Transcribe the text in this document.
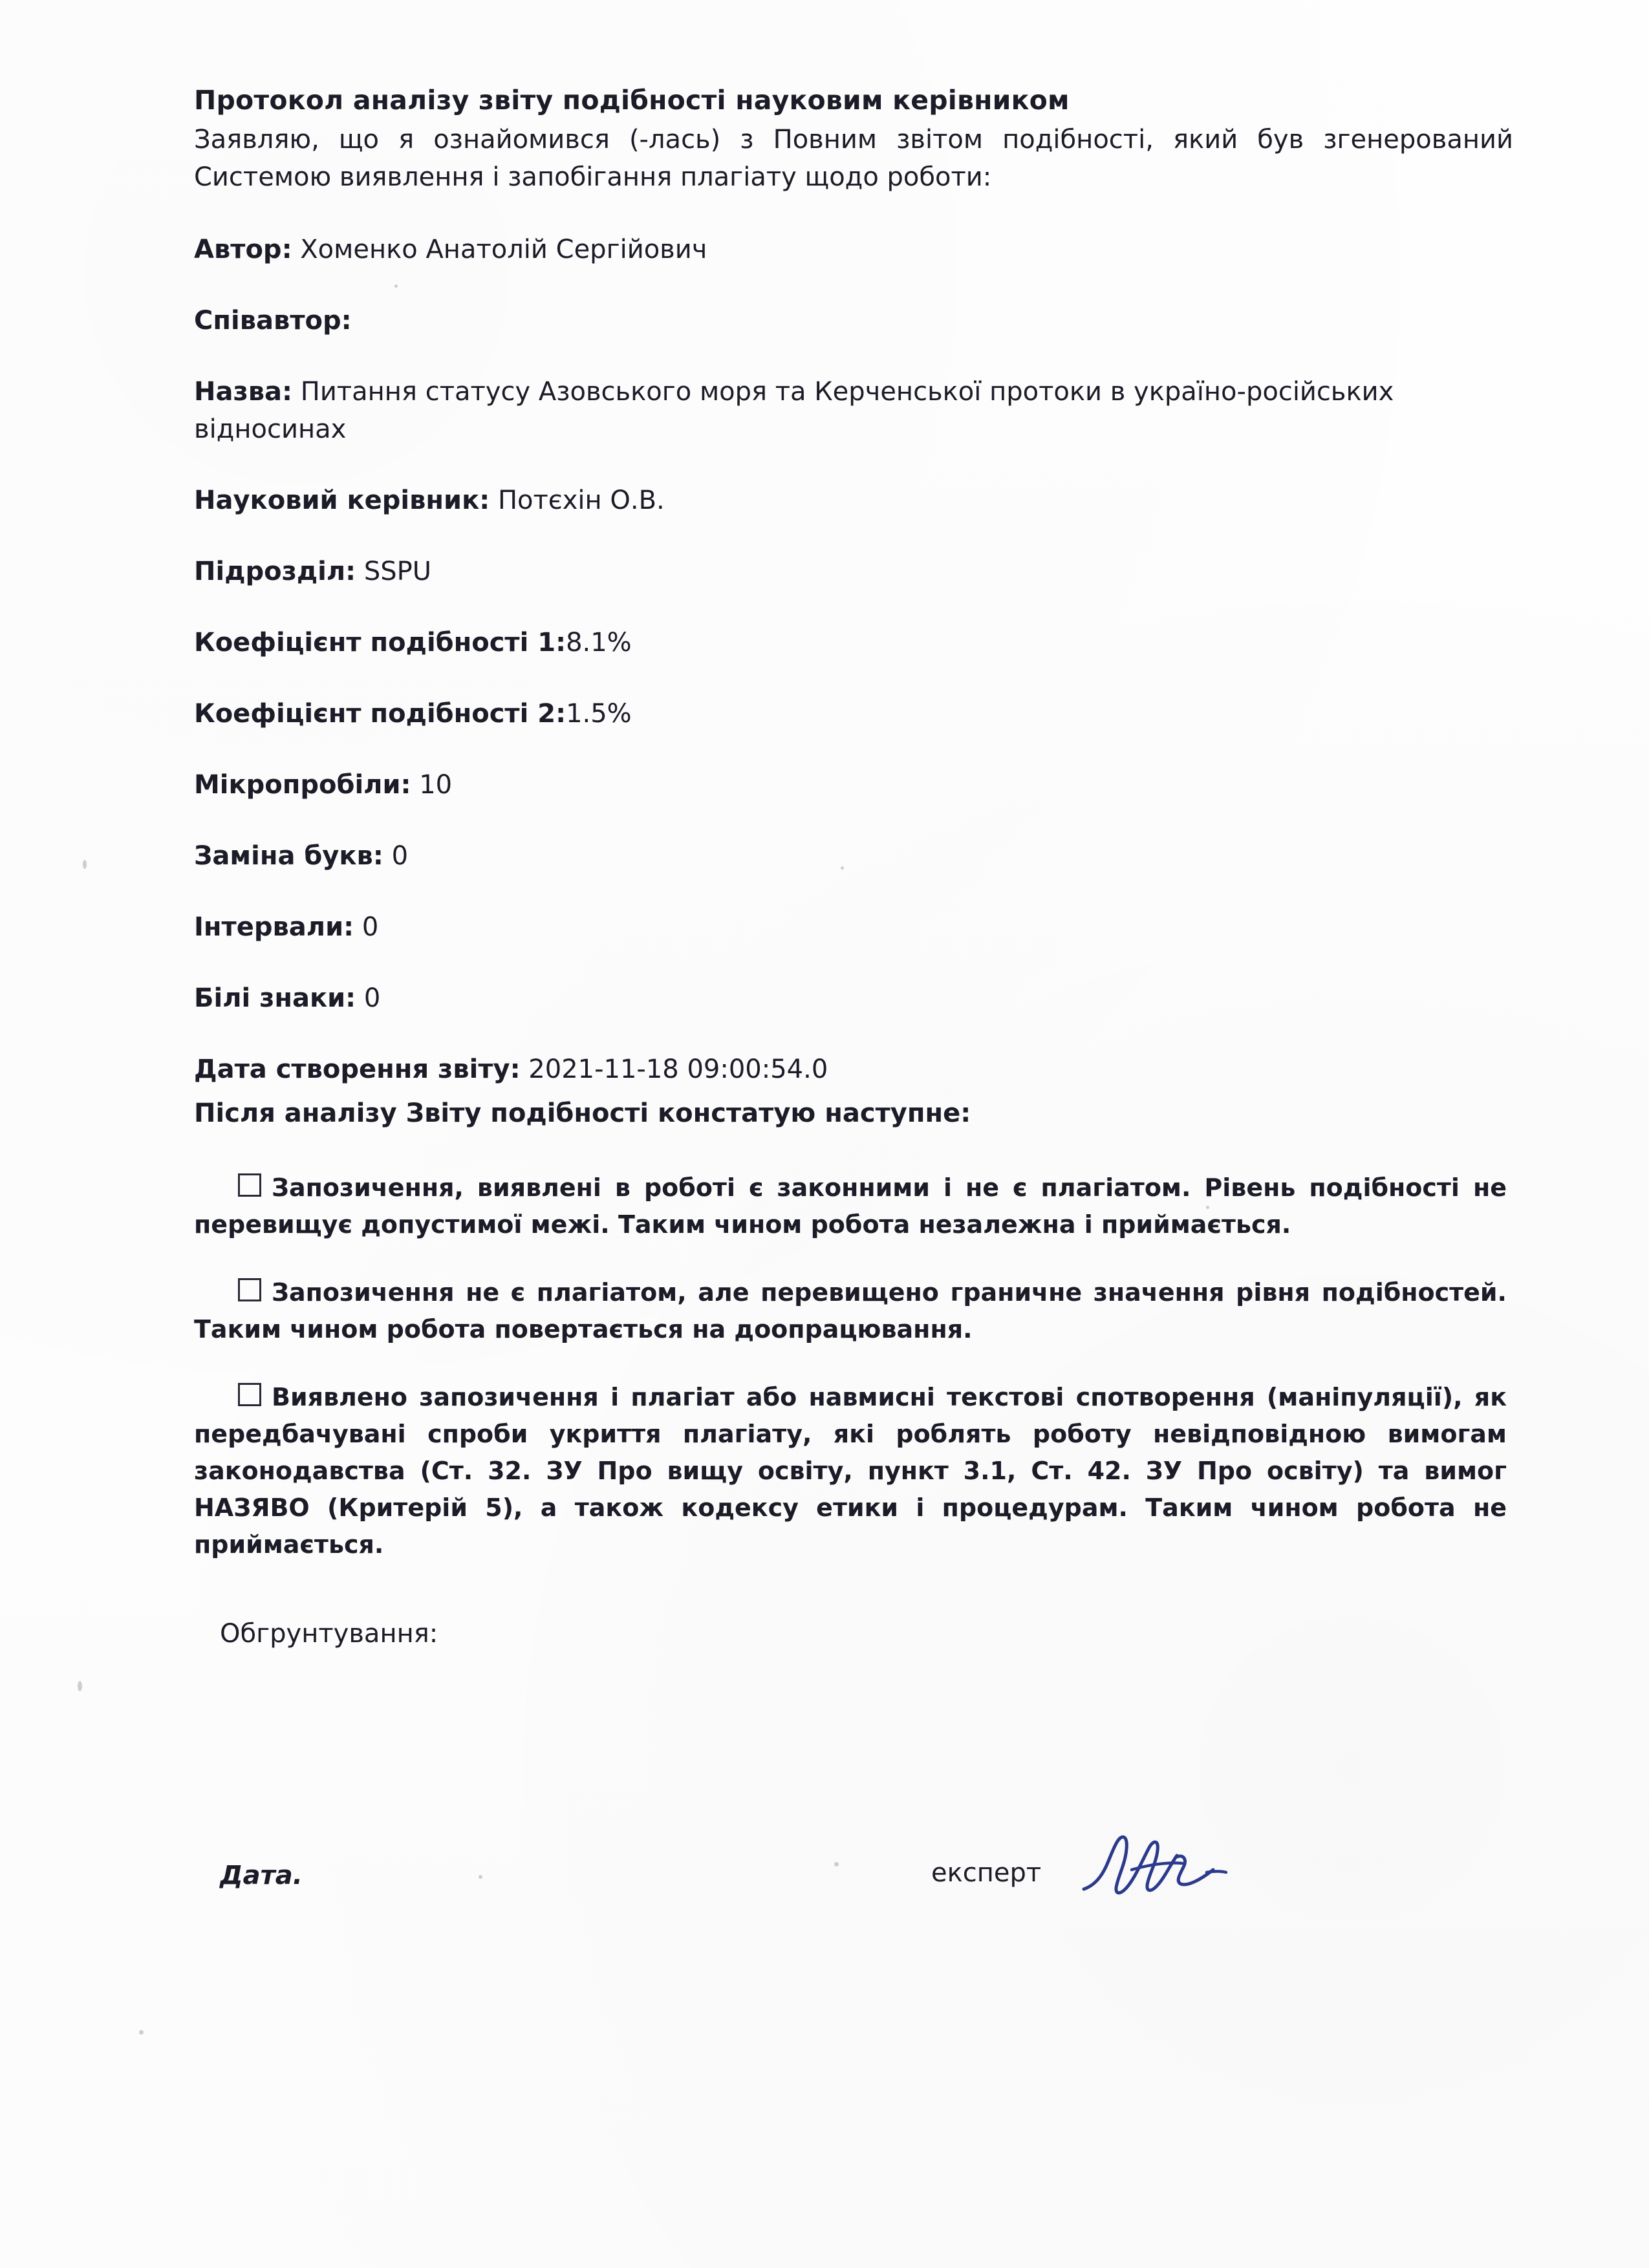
Протокол аналізу звіту подібності науковим керівником

Заявляю, що я ознайомився (-лась) з Повним звітом подібності, який був згенерований Системою виявлення і запобігання плагіату щодо роботи:

Автор: Хоменко Анатолій Сергійович

Співавтор:

Назва: Питання статусу Азовського моря та Керченської протоки в україно-російських відносинах

Науковий керівник: Потєхін О.В.

Підрозділ: SSPU

Коефіцієнт подібності 1:8.1%

Коефіцієнт подібності 2:1.5%

Мікропробіли: 10

Заміна букв: 0

Інтервали: 0

Білі знаки: 0

Дата створення звіту: 2021-11-18 09:00:54.0

Після аналізу Звіту подібності констатую наступне:

Запозичення, виявлені в роботі є законними і не є плагіатом. Рівень подібності не перевищує допустимої межі. Таким чином робота незалежна і приймається.

Запозичення не є плагіатом, але перевищено граничне значення рівня подібностей. Таким чином робота повертається на доопрацювання.

Виявлено запозичення і плагіат або навмисні текстові спотворення (маніпуляції), як передбачувані спроби укриття плагіату, які роблять роботу невідповідною вимогам законодавства (Ст. 32. ЗУ Про вищу освіту, пункт 3.1, Ст. 42. ЗУ Про освіту) та вимог НАЗЯВО (Критерій 5), а також кодексу етики і процедурам. Таким чином робота не приймається.

Обгрунтування:

Дата.	експерт
